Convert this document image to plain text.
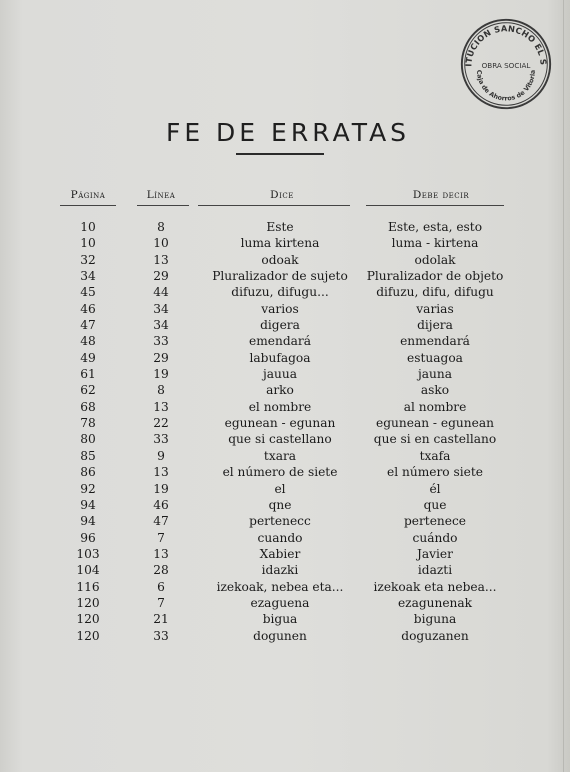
ITUCION SANCHO EL S
OBRA SOCIAL
Caja de Ahorros de Vitoria
FE DE ERRATAS
Página	Línea	Dice	Debe decir
10	8	Este	Este, esta, esto
10	10	luma kirtena	luma - kirtena
32	13	odoak	odolak
34	29	Pluralizador de sujeto	Pluralizador de objeto
45	44	difuzu, difugu...	difuzu, difu, difugu
46	34	varios	varias
47	34	digera	dijera
48	33	emendará	enmendará
49	29	labufagoa	estuagoa
61	19	jauua	jauna
62	8	arko	asko
68	13	el nombre	al nombre
78	22	egunean - egunan	egunean - egunean
80	33	que si castellano	que si en castellano
85	9	txara	txafa
86	13	el número de siete	el número siete
92	19	el	él
94	46	qne	que
94	47	pertenecc	pertenece
96	7	cuando	cuándo
103	13	Xabier	Javier
104	28	idazki	idazti
116	6	izekoak, nebea eta...	izekoak eta nebea...
120	7	ezaguena	ezagunenak
120	21	bigua	biguna
120	33	dogunen	doguzanen
